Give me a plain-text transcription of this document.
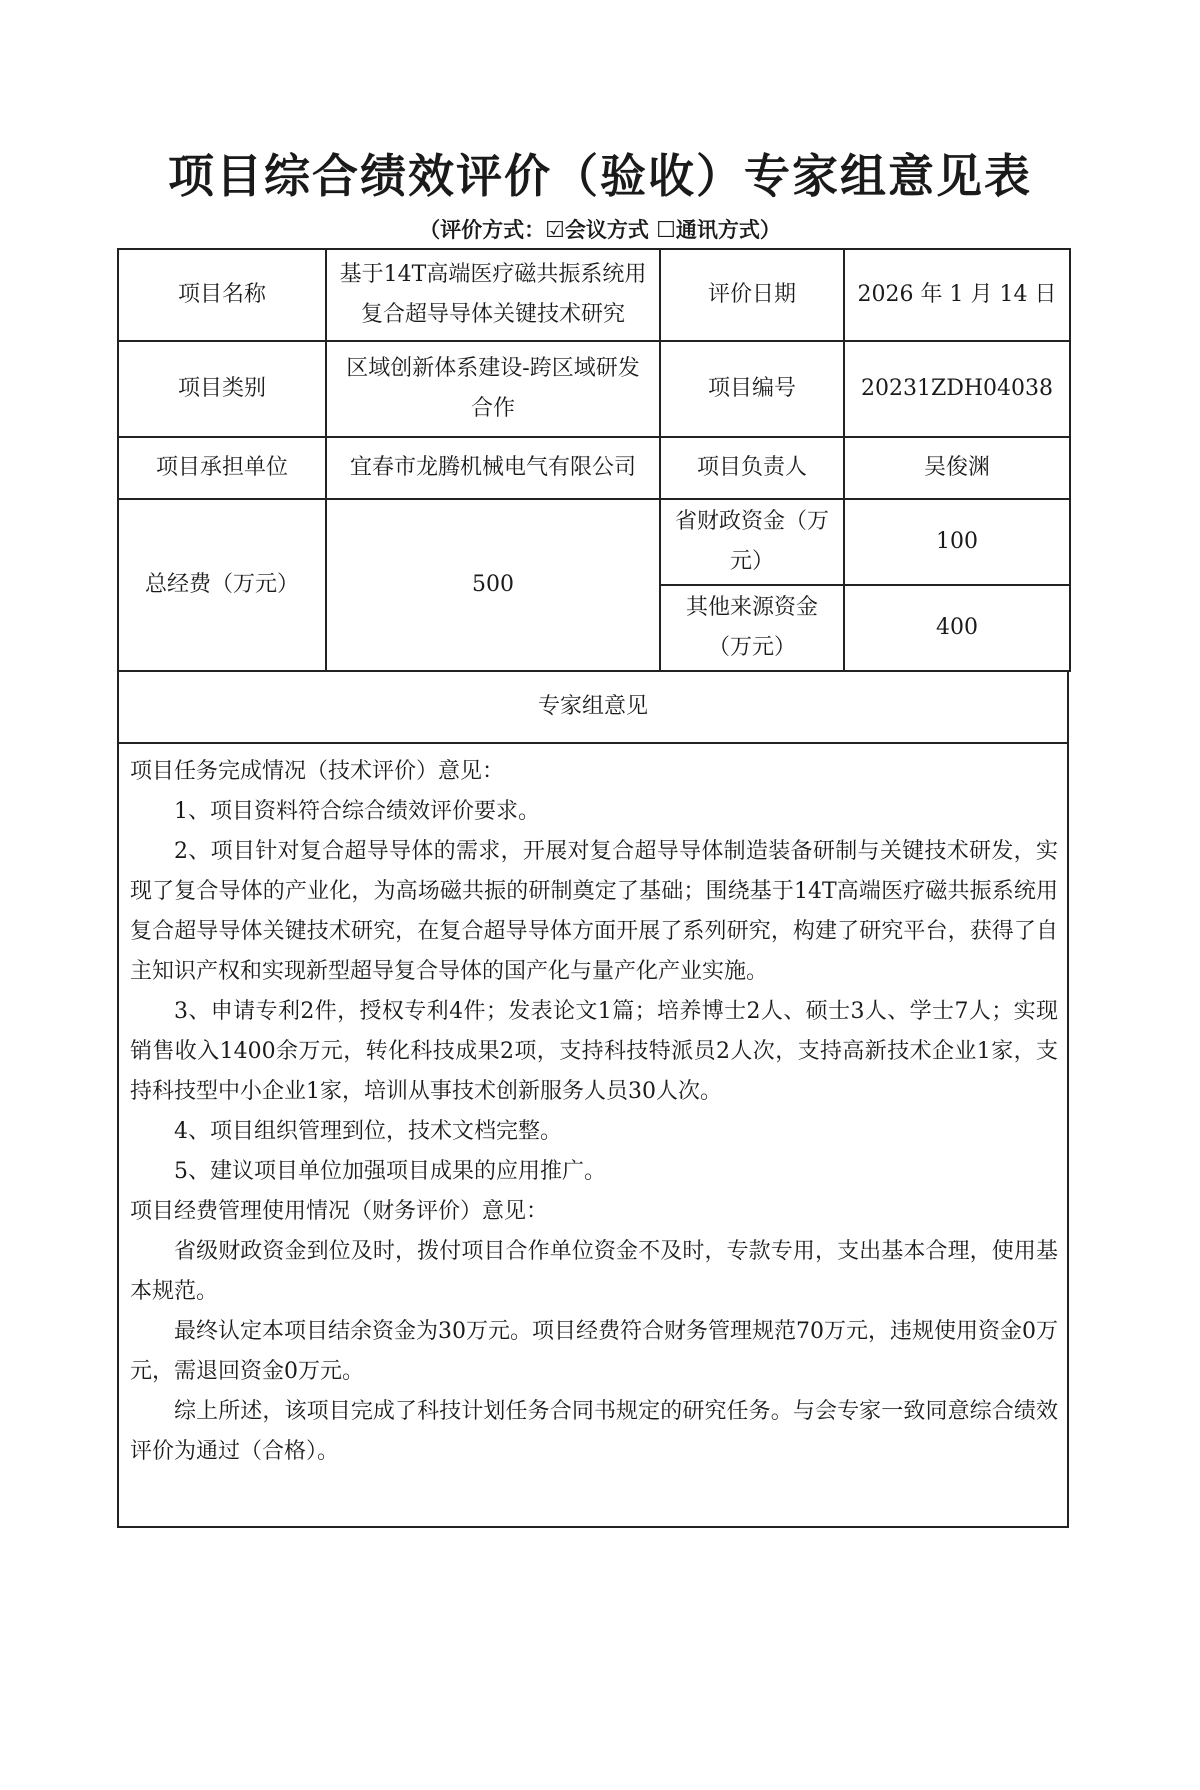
项目综合绩效评价（验收）专家组意见表
（评价方式：☑会议方式 ☐通讯方式）
项目名称	基于14T高端医疗磁共振系统用复合超导导体关键技术研究	评价日期	2026 年 1 月 14 日
项目类别	区域创新体系建设-跨区域研发合作	项目编号	20231ZDH04038
项目承担单位	宜春市龙腾机械电气有限公司	项目负责人	吴俊渊
总经费（万元）	500	省财政资金（万元）	100
		其他来源资金（万元）	400
专家组意见

项目任务完成情况（技术评价）意见：

1、项目资料符合综合绩效评价要求。

2、项目针对复合超导导体的需求，开展对复合超导导体制造装备研制与关键技术研发，实现了复合导体的产业化，为高场磁共振的研制奠定了基础；围绕基于14T高端医疗磁共振系统用复合超导导体关键技术研究，在复合超导导体方面开展了系列研究，构建了研究平台，获得了自主知识产权和实现新型超导复合导体的国产化与量产化产业实施。

3、申请专利2件，授权专利4件；发表论文1篇；培养博士2人、硕士3人、学士7人；实现销售收入1400余万元，转化科技成果2项，支持科技特派员2人次，支持高新技术企业1家，支持科技型中小企业1家，培训从事技术创新服务人员30人次。

4、项目组织管理到位，技术文档完整。

5、建议项目单位加强项目成果的应用推广。

项目经费管理使用情况（财务评价）意见：

省级财政资金到位及时，拨付项目合作单位资金不及时，专款专用，支出基本合理，使用基本规范。

最终认定本项目结余资金为30万元。项目经费符合财务管理规范70万元，违规使用资金0万元，需退回资金0万元。

综上所述，该项目完成了科技计划任务合同书规定的研究任务。与会专家一致同意综合绩效评价为通过（合格）。
